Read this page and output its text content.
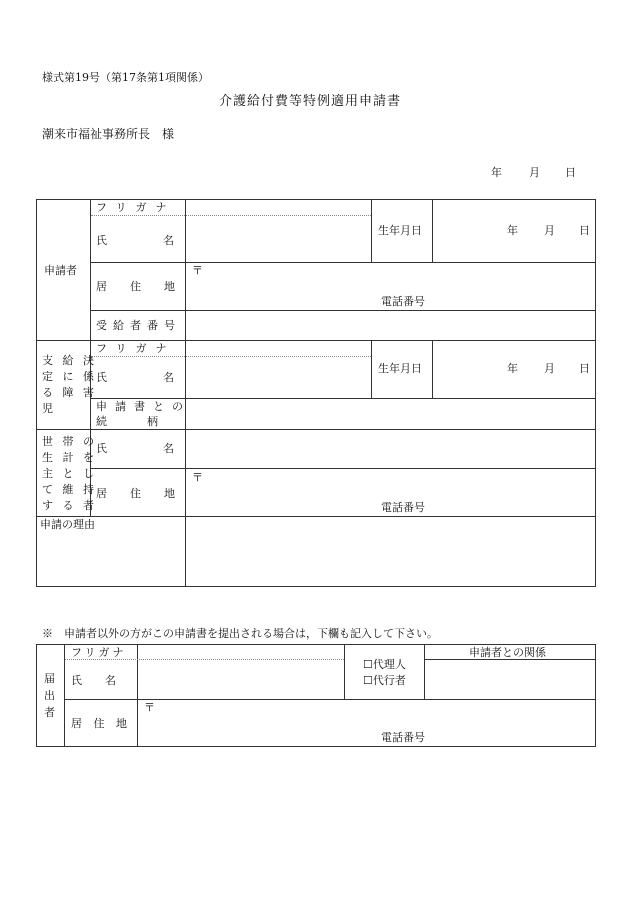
様式第19号（第17条第1項関係）
介護給付費等特例適用申請書
潮来市福祉事務所長　様
年 月 日
申請者
フリガナ
氏名
生年月日	年 月 日
居住地
〒
電話番号
受給者番号
支 給 決
定 に 係
る 障 害
児
フリガナ
氏名
生年月日	年 月 日
申請書との
続　　柄
世 帯 の
生 計 を
主 と し
て 維 持
す る 者
氏名
居住地
〒
電話番号
申請の理由
※　申請者以外の方がこの申請書を提出される場合は，下欄も記入して下さい。
届
出
者
フリガナ
氏　名
☐代理人
☐代行者
申請者との関係
居 住 地
〒
電話番号
